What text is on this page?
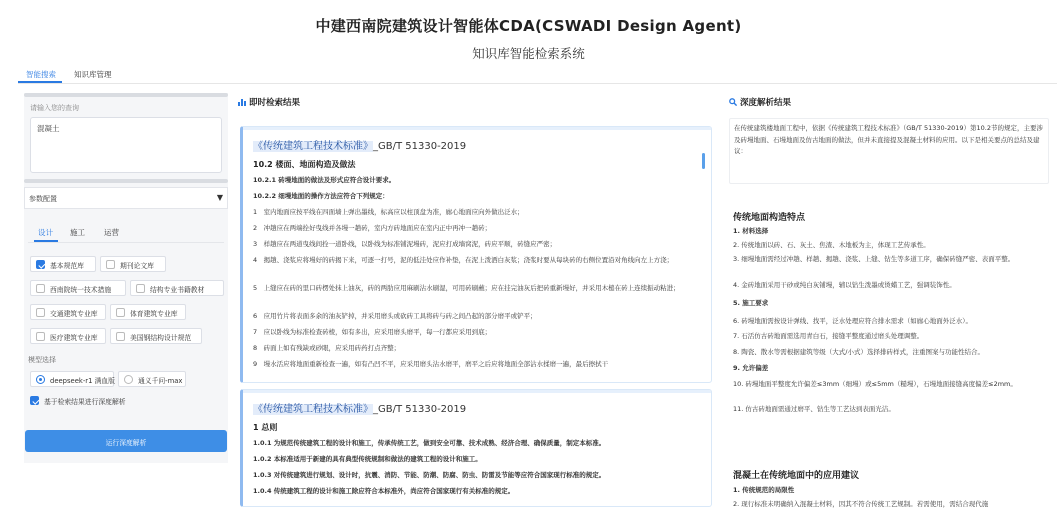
中建西南院建筑设计智能体CDA(CSWADI Design Agent)
知识库智能检索系统
智能搜索 知识库管理
请输入您的查询
混凝土
参数配置	▼
设计 施工	运营
基本规范库	期刊论文库
西南院统一技术措施	结构专业书籍教材
交通建筑专业库	体育建筑专业库
医疗建筑专业库	美国钢结构设计规范
模型选择
deepseek-r1 满血版	通义千问-max
基于检索结果进行深度解析
运行深度解析
即时检索结果
《传统建筑工程技术标准》_GB/T 51330-2019
10.2 楼面、地面构造及做法
10.2.1 砖墁地面的做法及形式应符合设计要求。
10.2.2 细墁地面的操作方法应符合下列规定：
1　室内地面应按平线在四面墙上弹出墨线，标高应以柱顶盘为准，廊心地面应向外做出泛水；
2　冲趟应在两端拴好曳线并各墁一趟砖，室内方砖地面应在室内正中再冲一趟砖；
3　样趟应在两道曳线间拴一道卧线，以卧线为标准铺泥墁砖，泥应打成墙窝泥，砖应平顺，砖缝应严密；
4　揭趟、浇浆应将墁好的砖揭下来，可逐一打号，泥的低洼处应作补垫，在泥上泼洒白灰浆；浇浆时要从每块砖的右侧位置沿对角线向左上方浇；
5　上缝应在砖的里口砖楞处抹上油灰，砖的两肋应用麻刷沾水刷湿，可用砖刷蘸；应在挂完油灰后把砖重新墁好，并采用木槌在砖上连续振动粘进；
6　应用竹片将表面多余的油灰铲掉，并采用磨头或砍砖工具将砖与砖之间凸起的部分磨平或铲平；
7　应以卧线为标准检查砖棱，如有多出，应采用磨头磨平，每一行都应采用到底；
8　砖面上如有残缺或砂眼，应采用砖药打点齐整；
9　墁水活应将地面重新检查一遍，如有凸凹不平，应采用磨头沾水磨平，磨平之后应将地面全部沾水揉磨一遍，最后擦拭干
《传统建筑工程技术标准》_GB/T 51330-2019
1 总则
1.0.1 为规范传统建筑工程的设计和施工，传承传统工艺，做到安全可靠、技术成熟、经济合理、确保质量，制定本标准。
1.0.2 本标准适用于新建的具有典型传统规制和做法的建筑工程的设计和施工。
1.0.3 对传统建筑进行规划、设计时，抗震、消防、节能、防潮、防腐、防虫、防雷及节能等应符合国家现行标准的规定。
1.0.4 传统建筑工程的设计和施工除应符合本标准外，尚应符合国家现行有关标准的规定。
深度解析结果
在传统建筑楼地面工程中，依据《传统建筑工程技术标准》（GB/T 51330-2019）第10.2节的规定，主要涉及砖墁地面、石墁地面及仿古地面的做法，但并未直接提及混凝土材料的应用。以下是相关要点的总结及建议：
传统地面构造特点
1. 材料选择
2. 传统地面以砖、石、灰土、焦渣、木地板为主，体现工艺传承性。
3. 细墁地面需经过冲趟、样趟、揭趟、浇浆、上缝、钻生等多道工序，确保砖缝严密、表面平整。
4. 金砖地面采用干砂或纯白灰铺墁，辅以钻生泼墨或烫蜡工艺，强调装饰性。
5. 施工要求
6. 砖墁地面需按设计弹线、找平，泛水处理应符合排水需求（如廊心地面外泛水）。
7. 石活仿古砖地面需选用青白石，接缝平整度通过磨头处理调整。
8. 陶瓷、散水等需根据建筑等级（大式/小式）选择排砖样式，注重图案与功能性结合。
9. 允许偏差
10. 砖墁地面平整度允许偏差≤3mm（细墁）或≤5mm（糙墁），石墁地面接缝高度偏差≤2mm。
11. 仿古砖地面需通过磨平、钻生等工艺达到表面光洁。
混凝土在传统地面中的应用建议
1. 传统规范的局限性
2. 现行标准未明确纳入混凝土材料，因其不符合传统工艺规制。若需使用，需结合现代施
